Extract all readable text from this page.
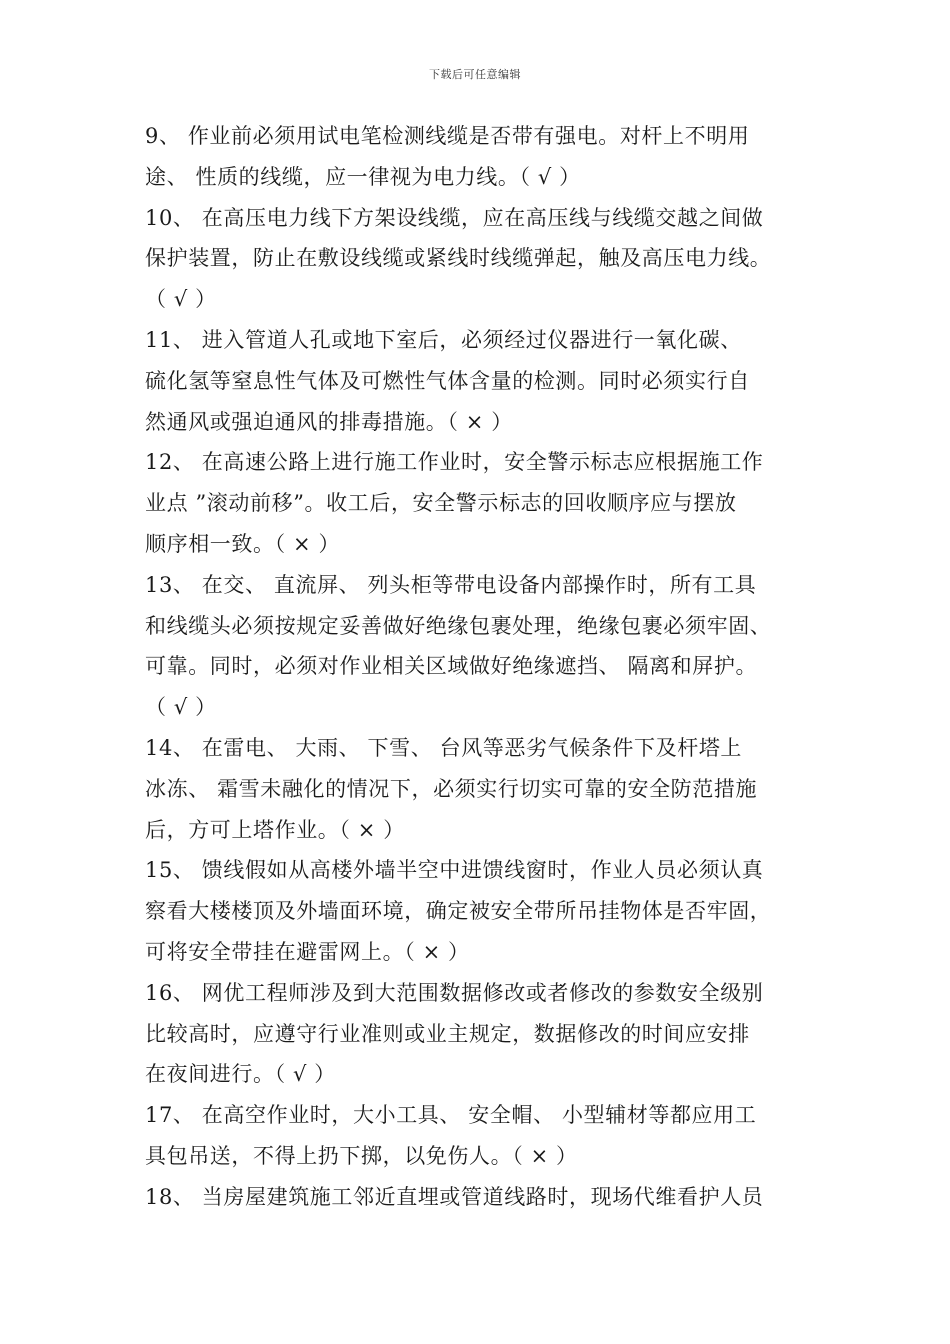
下载后可任意编辑
9、 作业前必须用试电笔检测线缆是否带有强电。对杆上不明用
途、 性质的线缆，应一律视为电力线。（ √ ）
10、 在高压电力线下方架设线缆，应在高压线与线缆交越之间做
保护装置，防止在敷设线缆或紧线时线缆弹起，触及高压电力线。
（ √ ）
11、 进入管道人孔或地下室后，必须经过仪器进行一氧化碳、
硫化氢等窒息性气体及可燃性气体含量的检测。同时必须实行自
然通风或强迫通风的排毒措施。（ × ）
12、 在高速公路上进行施工作业时，安全警示标志应根据施工作
业点 ”滚动前移”。收工后，安全警示标志的回收顺序应与摆放
顺序相一致。（ × ）
13、 在交、 直流屏、 列头柜等带电设备内部操作时，所有工具
和线缆头必须按规定妥善做好绝缘包裹处理，绝缘包裹必须牢固、
可靠。同时，必须对作业相关区域做好绝缘遮挡、 隔离和屏护。
（ √ ）
14、 在雷电、 大雨、 下雪、 台风等恶劣气候条件下及杆塔上
冰冻、 霜雪未融化的情况下，必须实行切实可靠的安全防范措施
后，方可上塔作业。（ × ）
15、 馈线假如从高楼外墙半空中进馈线窗时，作业人员必须认真
察看大楼楼顶及外墙面环境，确定被安全带所吊挂物体是否牢固，
可将安全带挂在避雷网上。（ × ）
16、 网优工程师涉及到大范围数据修改或者修改的参数安全级别
比较高时，应遵守行业准则或业主规定，数据修改的时间应安排
在夜间进行。（ √ ）
17、 在高空作业时，大小工具、 安全帽、 小型辅材等都应用工
具包吊送，不得上扔下掷，以免伤人。（ × ）
18、 当房屋建筑施工邻近直埋或管道线路时，现场代维看护人员
